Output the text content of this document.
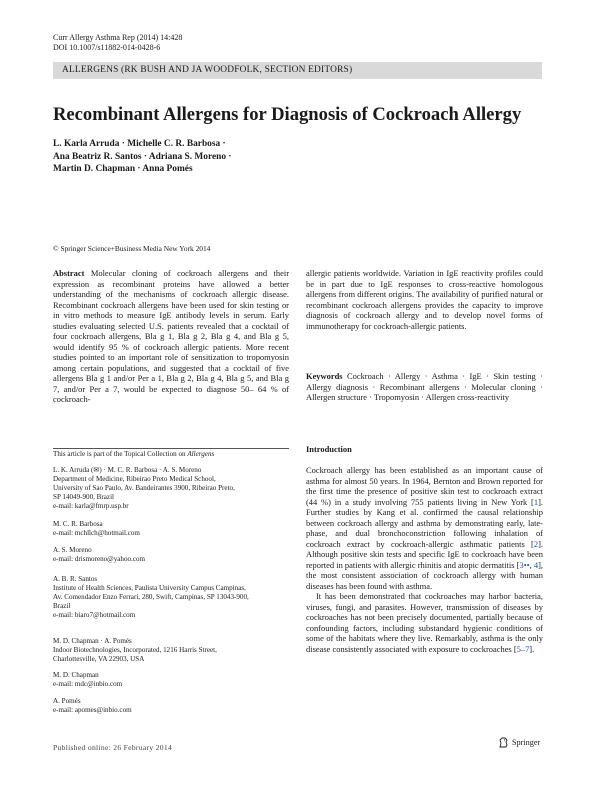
Curr Allergy Asthma Rep (2014) 14:428
DOI 10.1007/s11882-014-0428-6
ALLERGENS (RK BUSH AND JA WOODFOLK, SECTION EDITORS)
Recombinant Allergens for Diagnosis of Cockroach Allergy
L. Karla Arruda · Michelle C. R. Barbosa ·
Ana Beatriz R. Santos · Adriana S. Moreno ·
Martin D. Chapman · Anna Pomés
© Springer Science+Business Media New York 2014

Abstract Molecular cloning of cockroach allergens and their expression as recombinant proteins have allowed a better understanding of the mechanisms of cockroach allergic disease. Recombinant cockroach allergens have been used for skin testing or in vitro methods to measure IgE antibody levels in serum. Early studies evaluating selected U.S. patients revealed that a cocktail of four cockroach allergens, Bla g 1, Bla g 2, Bla g 4, and Bla g 5, would identify 95 % of cockroach allergic patients. More recent studies pointed to an important role of sensitization to tropomyosin among certain populations, and suggested that a cocktail of five allergens Bla g 1 and/or Per a 1, Bla g 2, Bla g 4, Bla g 5, and Bla g 7, and/or Per a 7, would be expected to diagnose 50– 64 % of cockroach-

allergic patients worldwide. Variation in IgE reactivity profiles could be in part due to IgE responses to cross-reactive homologous allergens from different origins. The availability of purified natural or recombinant cockroach allergens provides the capacity to improve diagnosis of cockroach allergy and to develop novel forms of immunotherapy for cockroach-allergic patients.

Keywords Cockroach · Allergy · Asthma · IgE · Skin testing · Allergy diagnosis · Recombinant allergens · Molecular cloning · Allergen structure · Tropomyosin · Allergen cross-reactivity

This article is part of the Topical Collection on Allergens
L. K. Arruda (✉) · M. C. R. Barbosa · A. S. Moreno
Department of Medicine, Ribeirao Preto Medical School,
University of Sao Paulo, Av. Bandeirantes 3900, Ribeirao Preto,
SP 14049-900, Brazil
e-mail: karla@fmrp.usp.br
M. C. R. Barbosa
e-mail: mchllch@hotmail.com
A. S. Moreno
e-mail: drismoreno@yahoo.com
A. B. R. Santos
Institute of Health Sciences, Paulista University Campus Campinas,
Av. Comendador Enzo Ferrari, 280, Swift, Campinas, SP 13043-900,
Brazil
e-mail: biaro7@hotmail.com
M. D. Chapman · A. Pomés
Indoor Biotechnologies, Incorporated, 1216 Harris Street,
Charlottesville, VA 22903, USA
M. D. Chapman
e-mail: mdc@inbio.com
A. Pomés
e-mail: apomes@inbio.com
Introduction

Cockroach allergy has been established as an important cause of asthma for almost 50 years. In 1964, Bernton and Brown reported for the first time the presence of positive skin test to cockroach extract (44 %) in a study involving 755 patients living in New York [1]. Further studies by Kang et al. confirmed the causal relationship between cockroach allergy and asthma by demonstrating early, late-phase, and dual bronchoconstriction following inhalation of cockroach extract by cockroach-allergic asthmatic patients [2]. Although positive skin tests and specific IgE to cockroach have been reported in patients with allergic rhinitis and atopic dermatitis [3••, 4], the most consistent association of cockroach allergy with human diseases has been found with asthma.

It has been demonstrated that cockroaches may harbor bacteria, viruses, fungi, and parasites. However, transmission of diseases by cockroaches has not been precisely documented, partially because of confounding factors, including substandard hygienic conditions of some of the habitats where they live. Remarkably, asthma is the only disease consistently associated with exposure to cockroaches [5–7].

Published online: 26 February 2014
Springer
